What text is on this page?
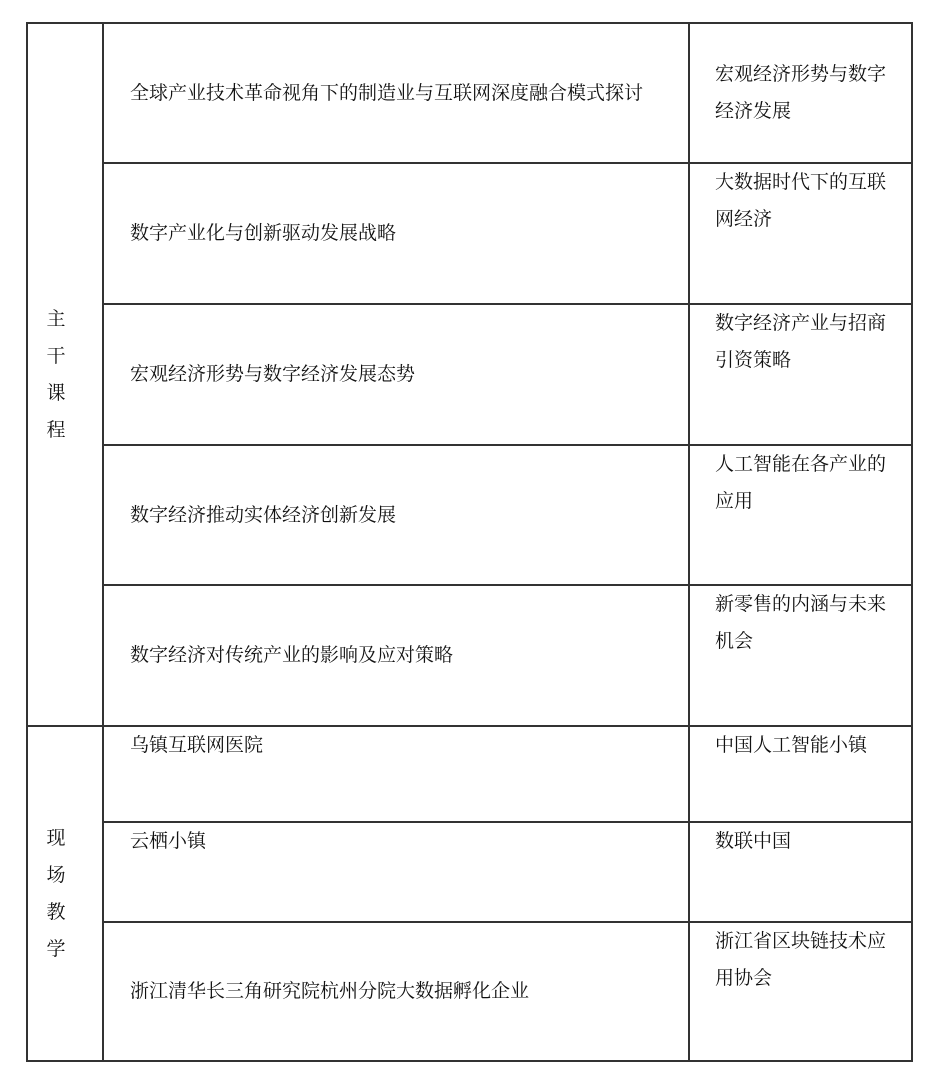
主干课程	全球产业技术革命视角下的制造业与互联网深度融合模式探讨	宏观经济形势与数字经济发展

	数字产业化与创新驱动发展战略	大数据时代下的互联网经济

	宏观经济形势与数字经济发展态势	数字经济产业与招商引资策略

	数字经济推动实体经济创新发展	人工智能在各产业的应用

	数字经济对传统产业的影响及应对策略	新零售的内涵与未来机会

现场教学	乌镇互联网医院	中国人工智能小镇

	云栖小镇	数联中国

	浙江清华长三角研究院杭州分院大数据孵化企业	浙江省区块链技术应用协会
